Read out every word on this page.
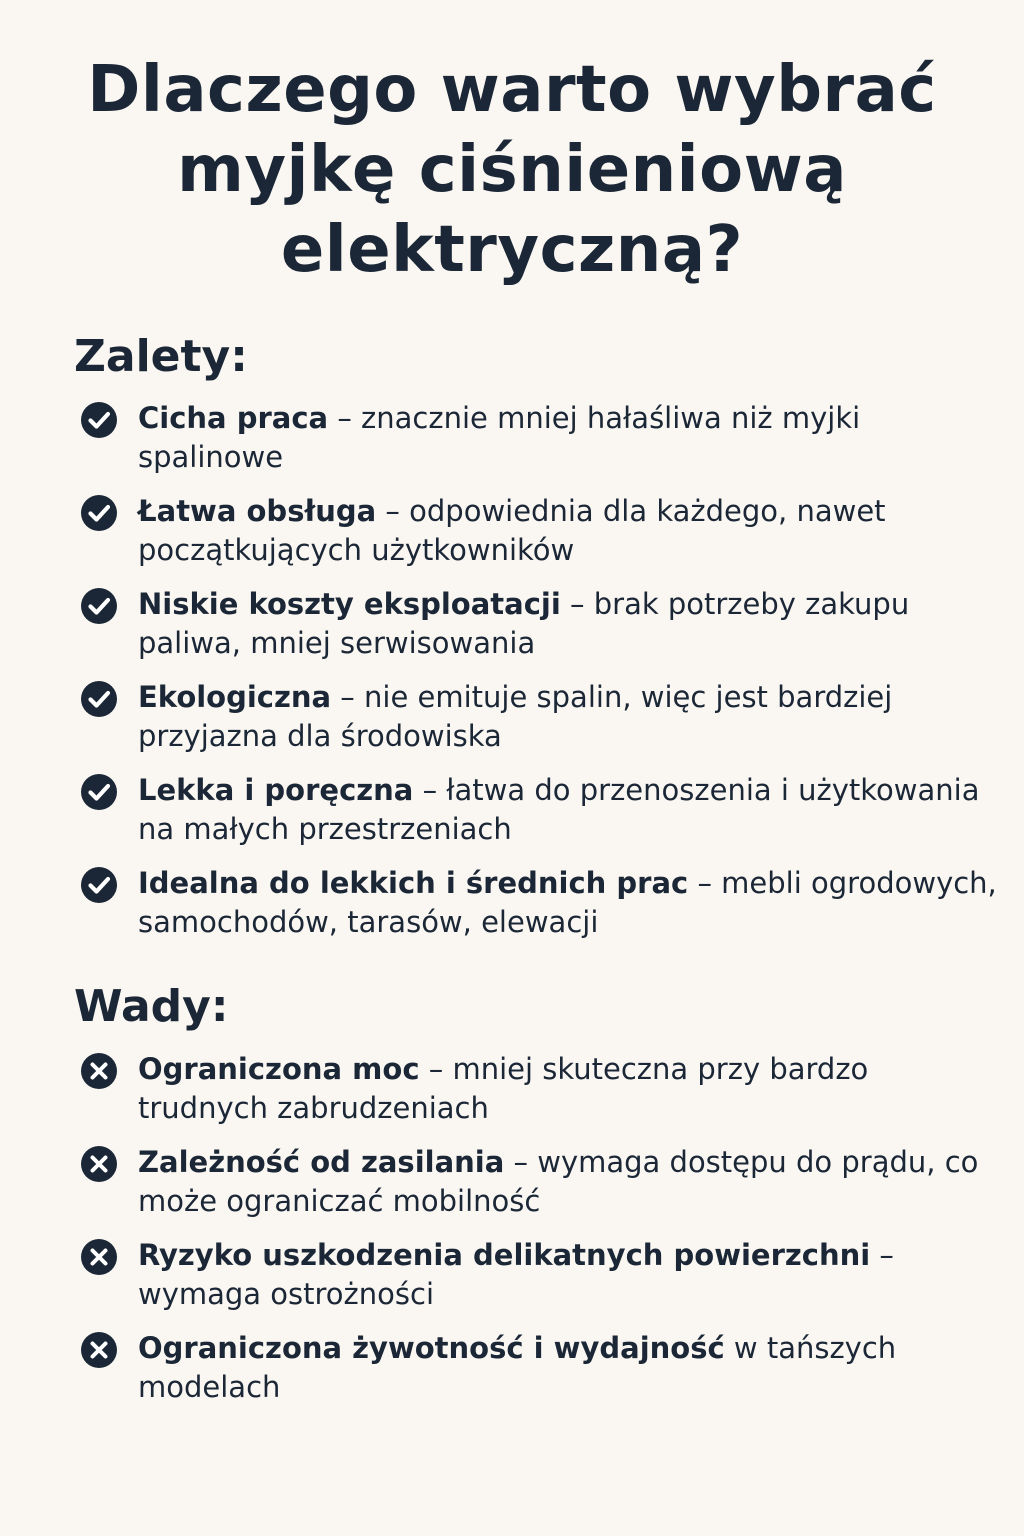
Dlaczego warto wybrać myjkę ciśnieniową elektryczną?
Zalety:
Cicha praca – znacznie mniej hałaśliwa niż myjki spalinowe
Łatwa obsługa – odpowiednia dla każdego, nawet początkujących użytkowników
Niskie koszty eksploatacji – brak potrzeby zakupu paliwa, mniej serwisowania
Ekologiczna – nie emituje spalin, więc jest bardziej przyjazna dla środowiska
Lekka i poręczna – łatwa do przenoszenia i użytkowania na małych przestrzeniach
Idealna do lekkich i średnich prac – mebli ogrodowych, samochodów, tarasów, elewacji
Wady:
Ograniczona moc – mniej skuteczna przy bardzo trudnych zabrudzeniach
Zależność od zasilania – wymaga dostępu do prądu, co może ograniczać mobilność
Ryzyko uszkodzenia delikatnych powierzchni – wymaga ostrożności
Ograniczona żywotność i wydajność w tańszych modelach
